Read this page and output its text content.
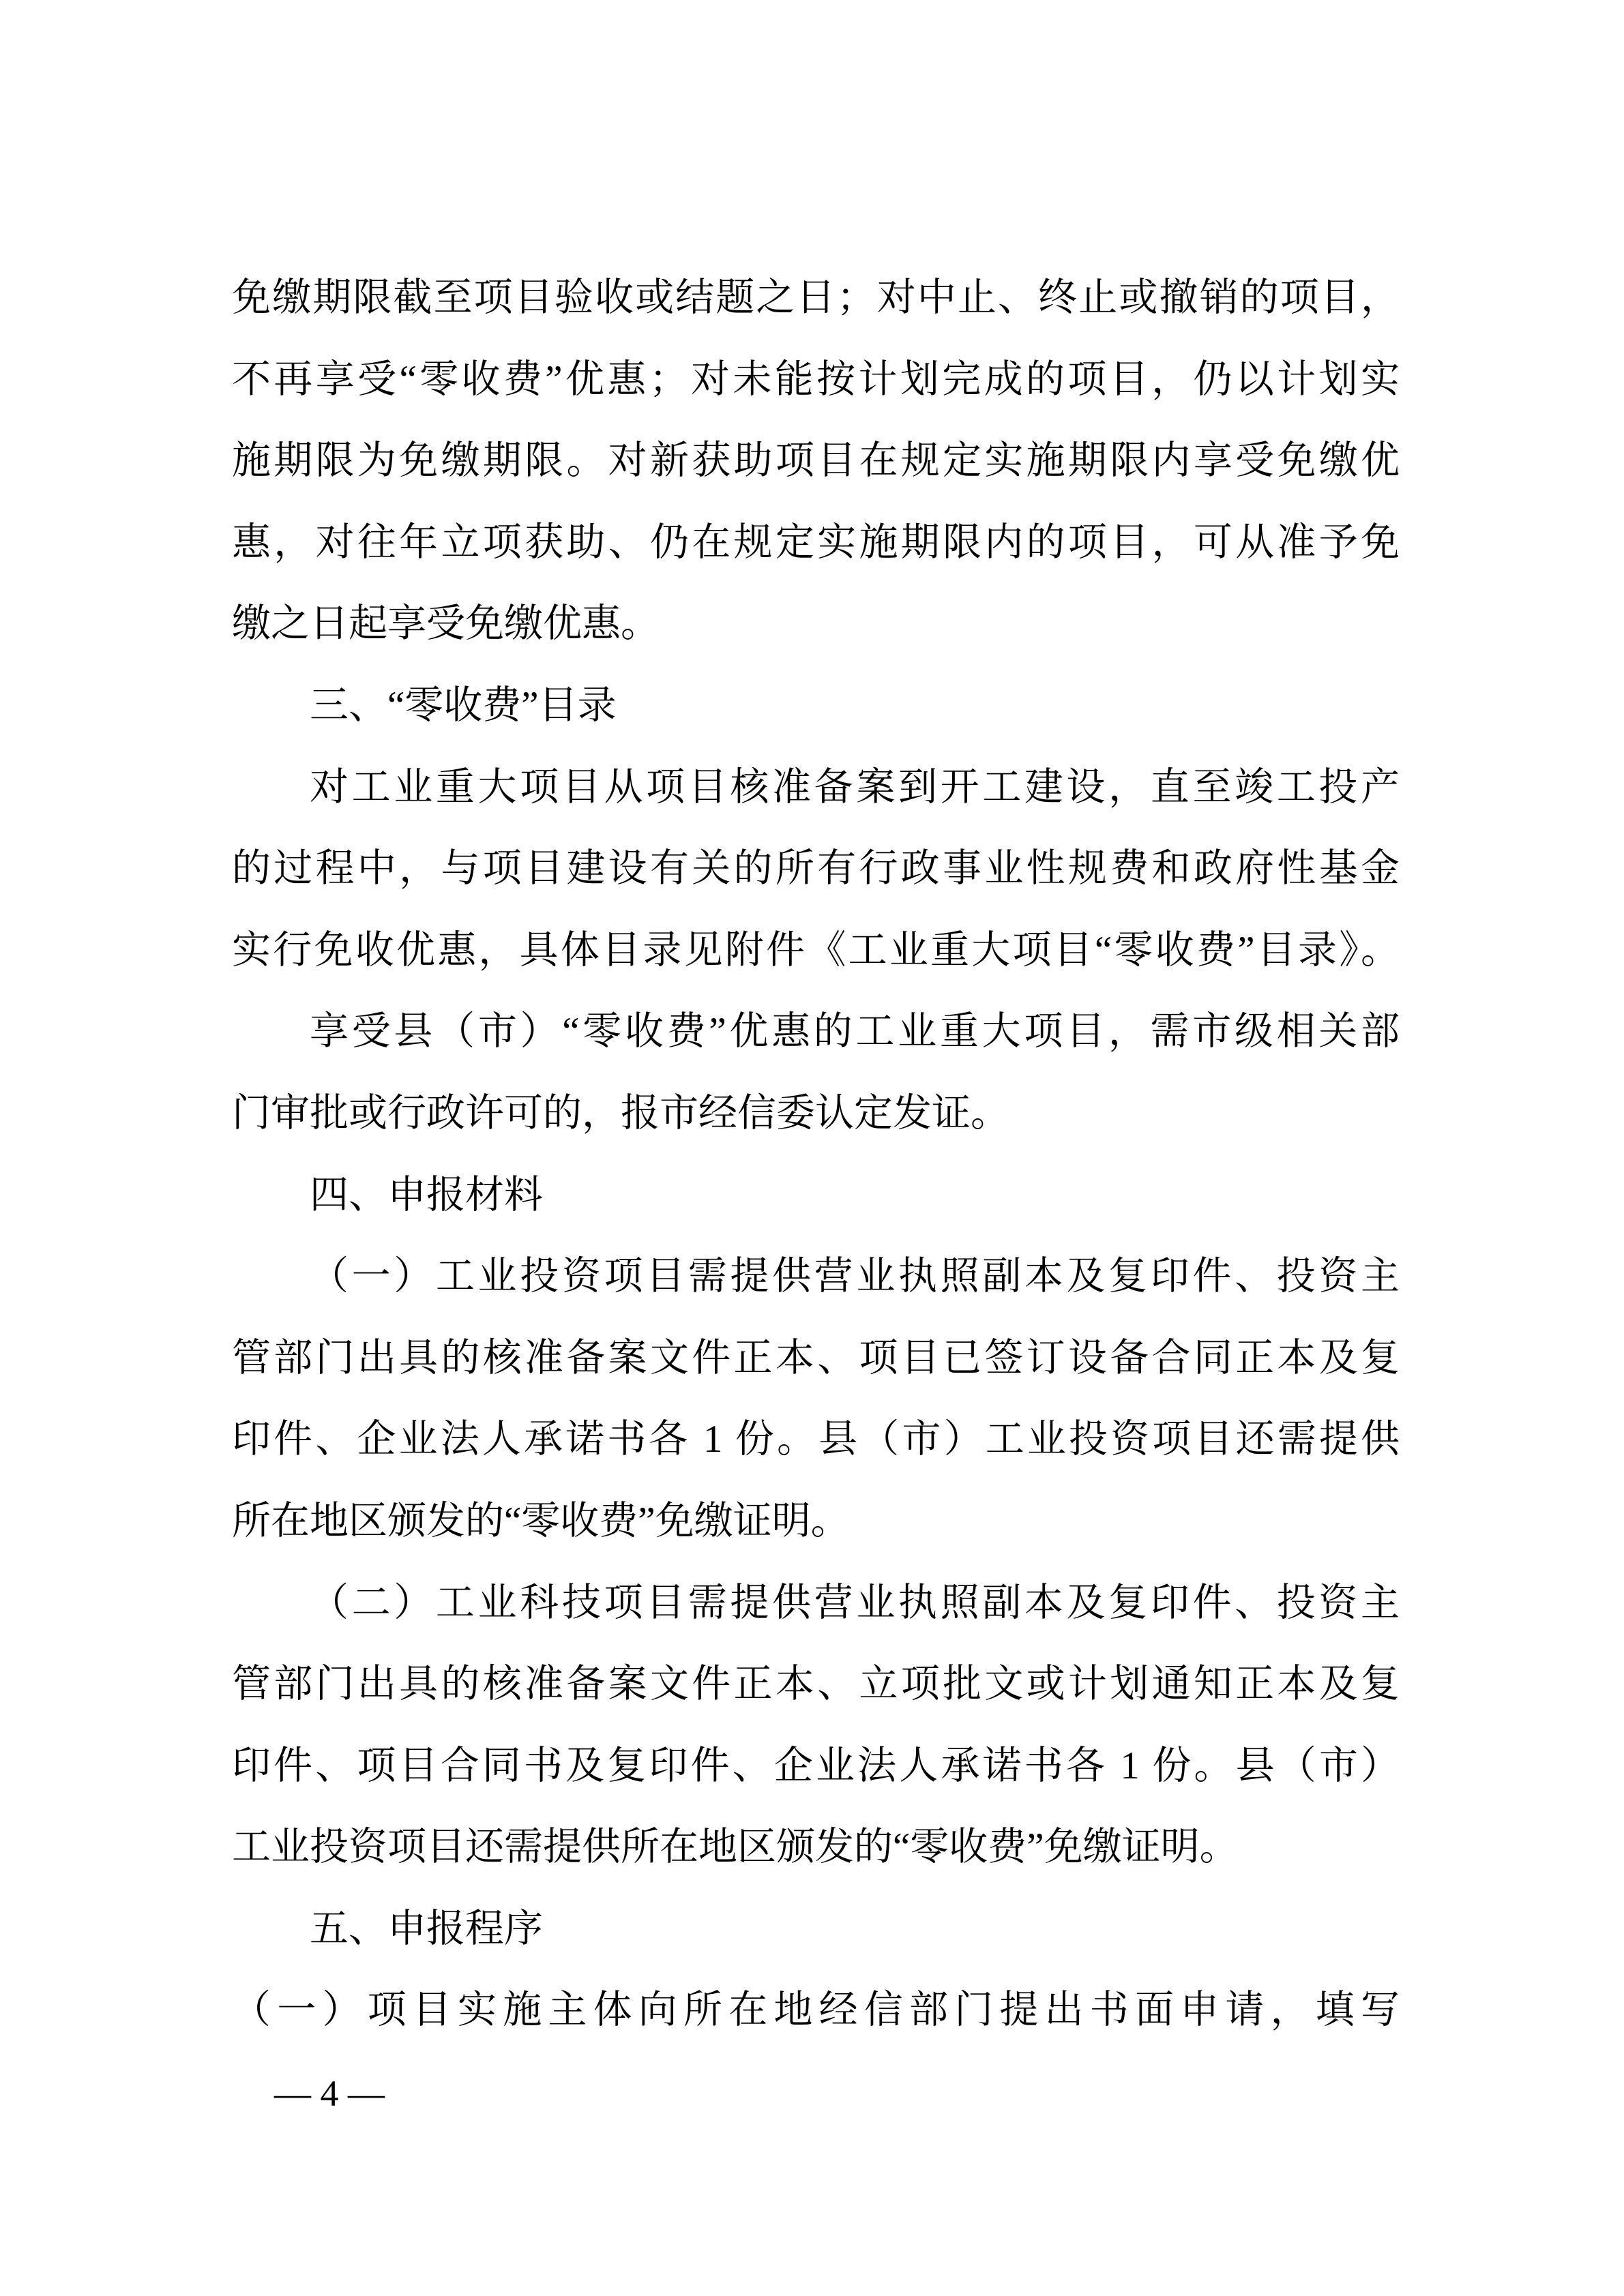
免缴期限截至项目验收或结题之日；对中止、终止或撤销的项目，
不再享受“零收费”优惠；对未能按计划完成的项目，仍以计划实
施期限为免缴期限。对新获助项目在规定实施期限内享受免缴优
惠，对往年立项获助、仍在规定实施期限内的项目，可从准予免
缴之日起享受免缴优惠。
三、“零收费”目录
对工业重大项目从项目核准备案到开工建设，直至竣工投产
的过程中，与项目建设有关的所有行政事业性规费和政府性基金
实行免收优惠，具体目录见附件《工业重大项目“零收费”目录》。
享受县（市）“零收费”优惠的工业重大项目，需市级相关部
门审批或行政许可的，报市经信委认定发证。
四、申报材料
（一）工业投资项目需提供营业执照副本及复印件、投资主
管部门出具的核准备案文件正本、项目已签订设备合同正本及复
印件、企业法人承诺书各 1 份。县（市）工业投资项目还需提供
所在地区颁发的“零收费”免缴证明。
（二）工业科技项目需提供营业执照副本及复印件、投资主
管部门出具的核准备案文件正本、立项批文或计划通知正本及复
印件、项目合同书及复印件、企业法人承诺书各 1 份。县（市）
工业投资项目还需提供所在地区颁发的“零收费”免缴证明。
五、申报程序
（一）项目实施主体向所在地经信部门提出书面申请，填写
— 4 —
